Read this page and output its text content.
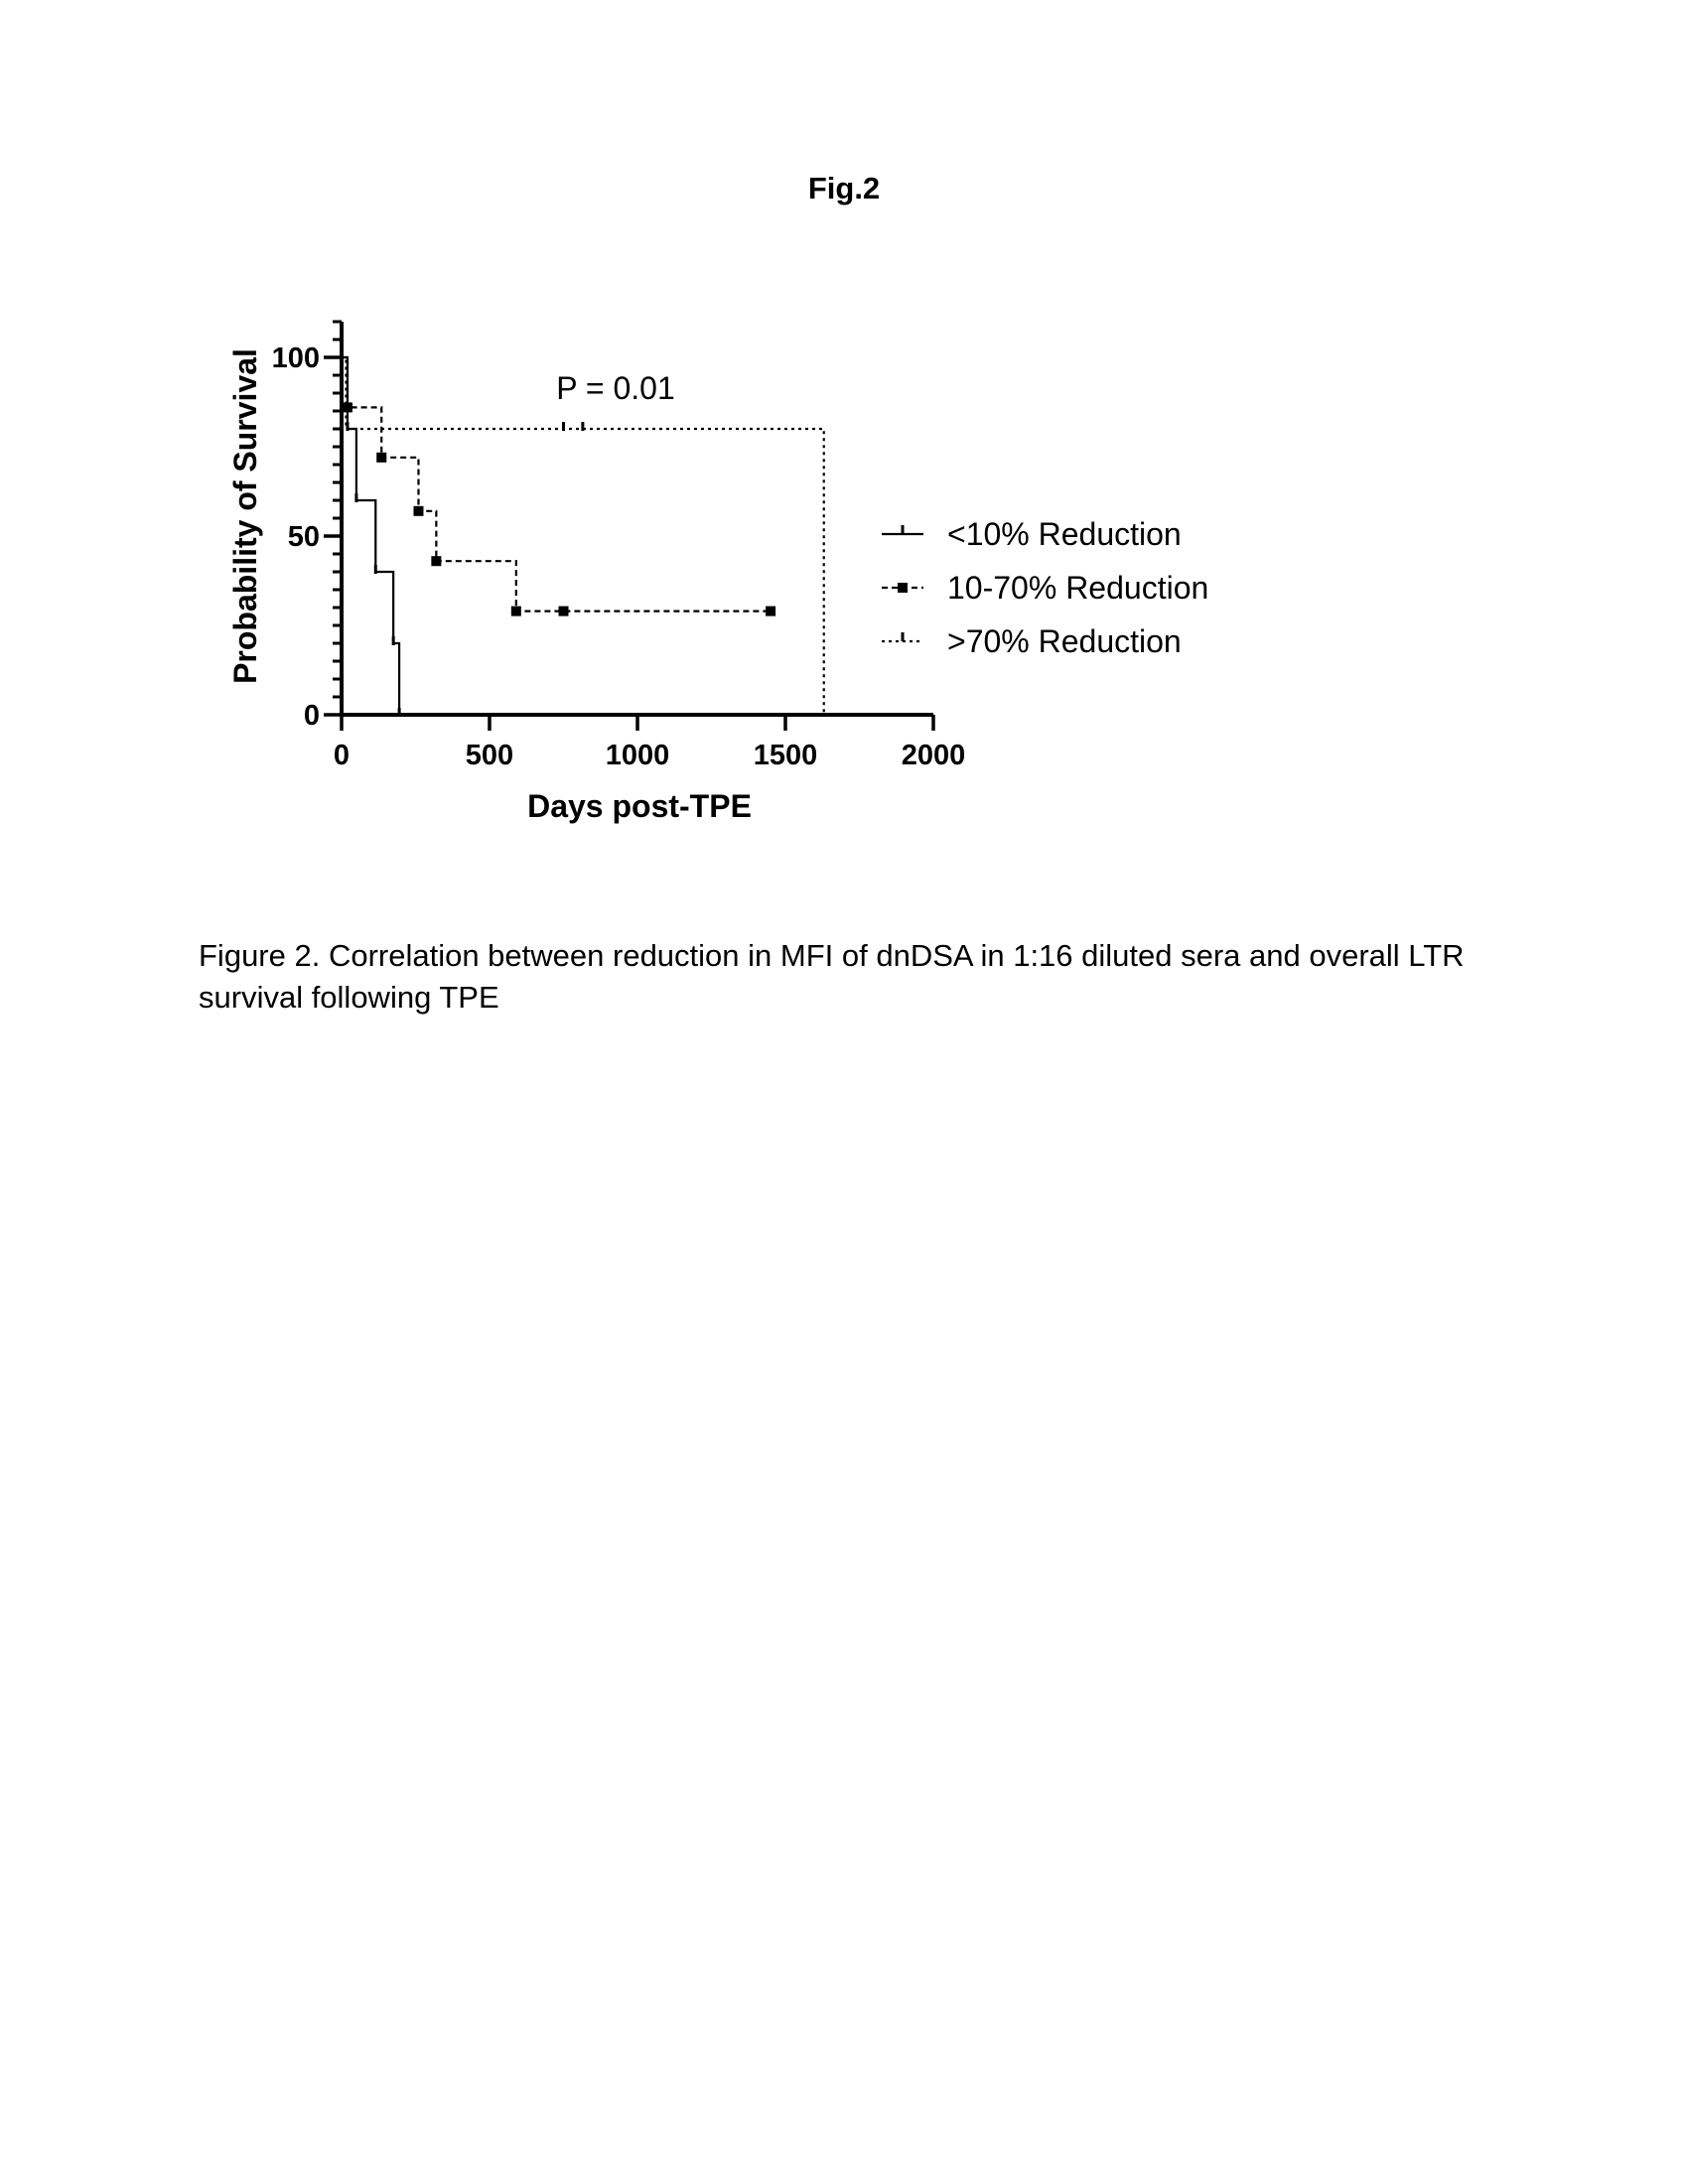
Fig.2
0
50
100
0	500	1000	1500	2000
P = 0.01
Probability of Survival
Days post-TPE
<10% Reduction
10-70% Reduction
>70% Reduction
Figure 2. Correlation between reduction in MFI of dnDSA in 1:16 diluted sera and overall LTR survival following TPE
